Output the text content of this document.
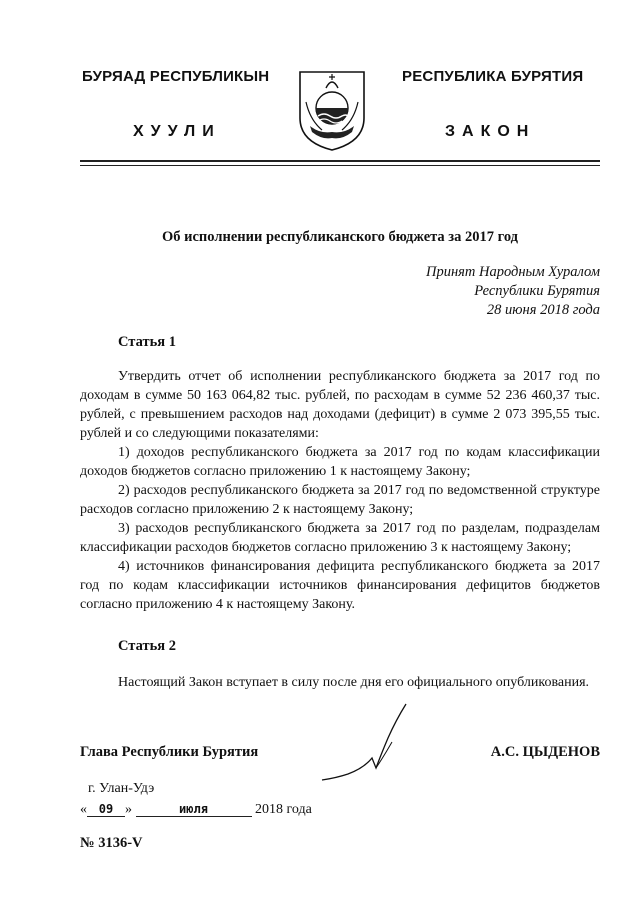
БУРЯАД РЕСПУБЛИКЫН
ХУУЛИ
РЕСПУБЛИКА БУРЯТИЯ
ЗАКОН
Об исполнении республиканского бюджета за 2017 год
Принят Народным Хуралом
Республики Бурятия
28 июня 2018 года
Статья 1

Утвердить отчет об исполнении республиканского бюджета за 2017 год по доходам в сумме 50 163 064,82 тыс. рублей, по расходам в сумме 52 236 460,37 тыс. рублей, с превышением расходов над доходами (дефицит) в сумме 2 073 395,55 тыс. рублей и со следующими показателями:

1) доходов республиканского бюджета за 2017 год по кодам классификации доходов бюджетов согласно приложению 1 к настоящему Закону;

2) расходов республиканского бюджета за 2017 год по ведомственной структуре расходов согласно приложению 2 к настоящему Закону;

3) расходов республиканского бюджета за 2017 год по разделам, подразделам классификации расходов бюджетов согласно приложению 3 к настоящему Закону;

4) источников финансирования дефицита республиканского бюджета за 2017 год по кодам классификации источников финансирования дефицитов бюджетов согласно приложению 4 к настоящему Закону.

Статья 2

Настоящий Закон вступает в силу после дня его официального опубликования.

Глава Республики Бурятия	А.С. ЦЫДЕНОВ
г. Улан-Удэ
« 09 »	июля	2018 года
№ 3136-V
